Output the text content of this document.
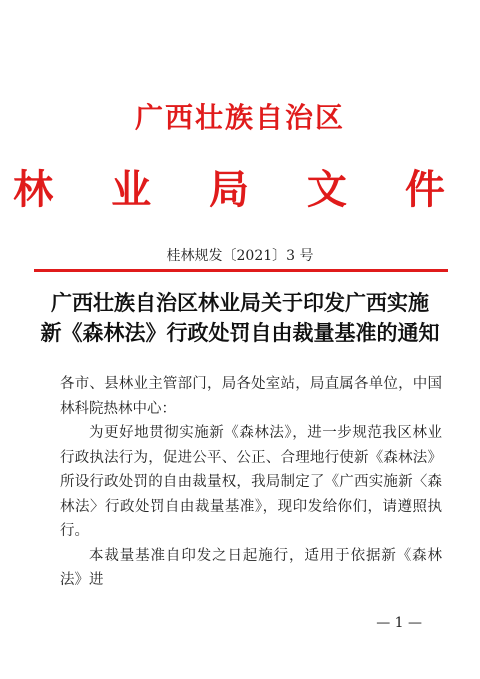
广西壮族自治区
林 业 局 文 件
桂林规发〔2021〕3 号
广西壮族自治区林业局关于印发广西实施
新《森林法》行政处罚自由裁量基准的通知

各市、县林业主管部门，局各处室站，局直属各单位，中国林科院热林中心：

为更好地贯彻实施新《森林法》，进一步规范我区林业行政执法行为，促进公平、公正、合理地行使新《森林法》所设行政处罚的自由裁量权，我局制定了《广西实施新〈森林法〉行政处罚自由裁量基准》，现印发给你们，请遵照执行。

本裁量基准自印发之日起施行，适用于依据新《森林法》进

— 1 —
